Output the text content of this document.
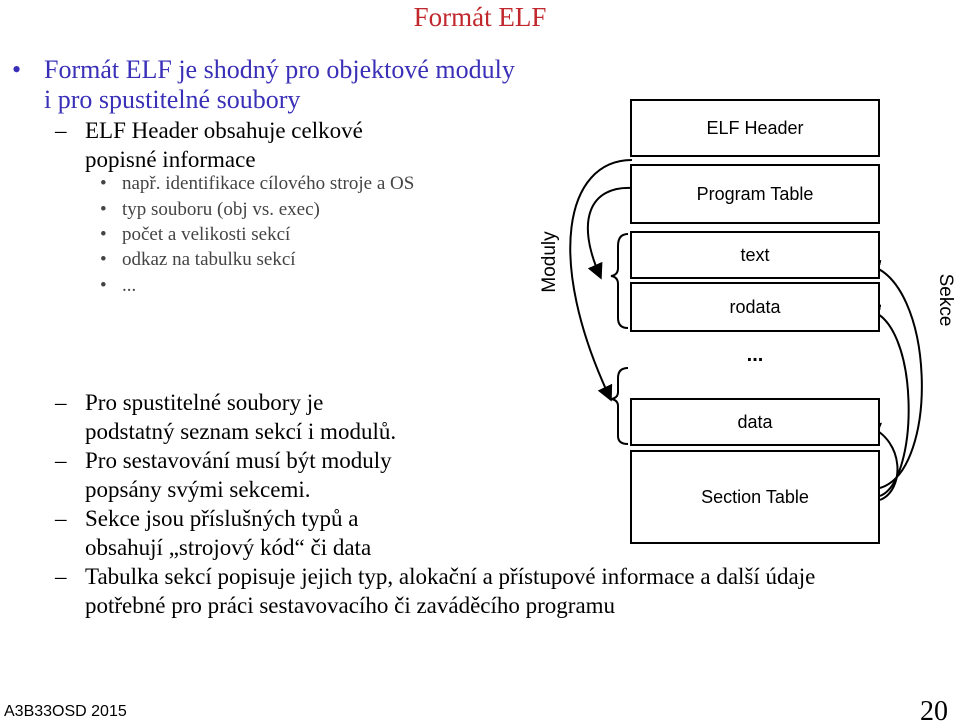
Formát ELF
• Formát ELF je shodný pro objektové moduly
i pro spustitelné soubory
– ELF Header obsahuje celkové
popisné informace
• např. identifikace cílového stroje a OS
• typ souboru (obj vs. exec)
• počet a velikosti sekcí
• odkaz na tabulku sekcí
• ...
– Pro spustitelné soubory je
podstatný seznam sekcí i modulů.
– Pro sestavování musí být moduly
popsány svými sekcemi.
– Sekce jsou příslušných typů a
obsahují „strojový kód“ či data
– Tabulka sekcí popisuje jejich typ, alokační a přístupové informace a další údaje
potřebné pro práci sestavovacího či zaváděcího programu
ELF Header
Program Table
text
rodata
...
data
Section Table
Moduly
Sekce
A3B33OSD 2015	20
